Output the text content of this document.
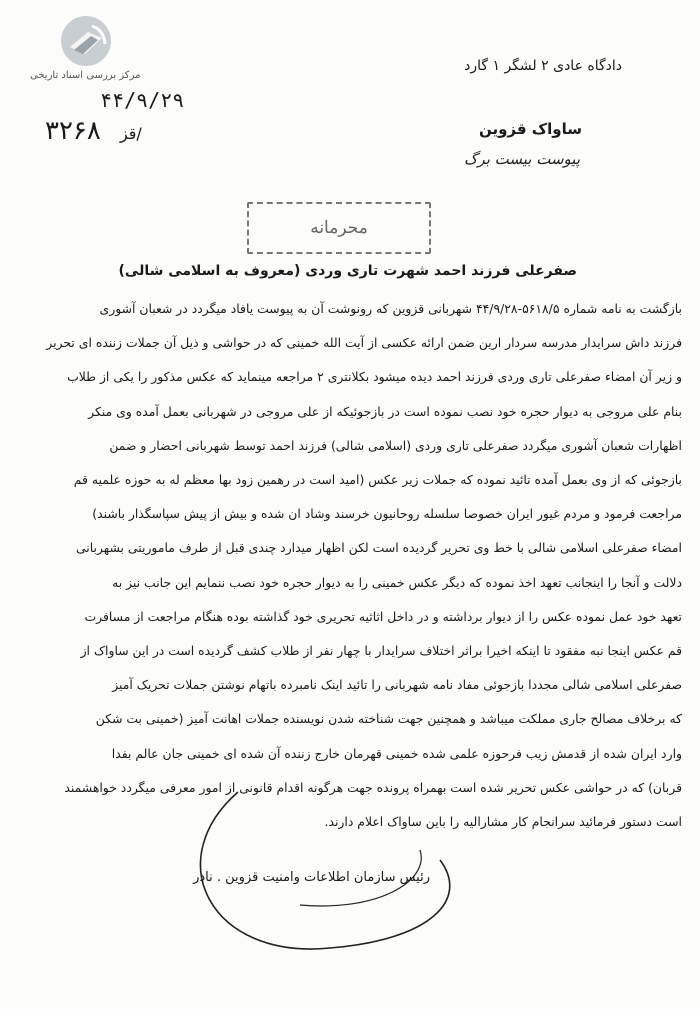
مرکز بررسی اسناد تاریخی
دادگاه عادی ۲ لشگر ۱ گارد
۴۴/۹/۲۹
/قز ۳۲۶۸	ساواک قزوین
پیوست بیست برگ
محرمانه
صفرعلی فرزند احمد شهرت تاری وردی (معروف به اسلامی شالی)
بازگشت به نامه شماره ۵۶۱۸/۵-۴۴/۹/۲۸ شهربانی قزوین که رونوشت آن به پیوست یافاد میگردد در شعبان آشوری
فرزند داش سرایدار مدرسه سردار ارین ضمن ارائه عکسی از آیت الله خمینی که در حواشی و ذیل آن جملات زننده ای تحریر
و زیر آن امضاء صفرعلی تاری وردی فرزند احمد دیده میشود بکلانتری ۲ مراجعه مینماید که عکس مذکور را یکی از طلاب
بنام علی مروجی به دیوار حجره خود نصب نموده است در بازجوئیکه از علی مروجی در شهربانی بعمل آمده وی منکر
اظهارات شعبان آشوری میگردد صفرعلی تاری وردی (اسلامی شالی) فرزند احمد توسط شهربانی احضار و ضمن
بازجوئی که از وی بعمل آمده تائید نموده که جملات زیر عکس (امید است در رهمین زود بها معظم له به حوزه علمیه قم
مراجعت فرمود و مردم غیور ایران خصوصا سلسله روحانیون خرسند وشاد ان شده و بیش از پیش سپاسگذار باشند)
امضاء صفرعلی اسلامی شالی با خط وی تحریر گردیده است لکن اظهار میدارد چندی قبل از طرف ماموریتی بشهربانی
دلالت و آنجا را اینجانب تعهد اخذ نموده که دیگر عکس خمینی را به دیوار حجره خود نصب ننمایم این جانب نیز به
تعهد خود عمل نموده عکس را از دیوار برداشته و در داخل اثاثیه تحریری خود گذاشته بوده هنگام مراجعت از مسافرت
قم عکس اینجا نبه مفقود تا اینکه اخیرا براثر اختلاف سرایدار با چهار نفر از طلاب کشف گردیده است در این ساواک از
صفرعلی اسلامی شالی مجددا بازجوئی مفاد نامه شهربانی را تائید اینک نامبرده باتهام نوشتن جملات تحریک آمیز
که برخلاف مصالح جاری مملکت میباشد و همچنین جهت شناخته شدن نویسنده جملات اهانت آمیز (خمینی بت شکن
وارد ایران شده از قدمش زیب فرحوزه علمی شده خمینی قهرمان خارج زننده آن شده ای خمینی جان عالم بفدا
قربان) که در حواشی عکس تحریر شده است بهمراه پرونده جهت هرگونه اقدام قانونی از امور معرفی میگردد خواهشمند
است دستور فرمائید سرانجام کار مشارالیه را باین ساواک اعلام دارند.
رئیس سازمان اطلاعات وامنیت قزوین . نادر
